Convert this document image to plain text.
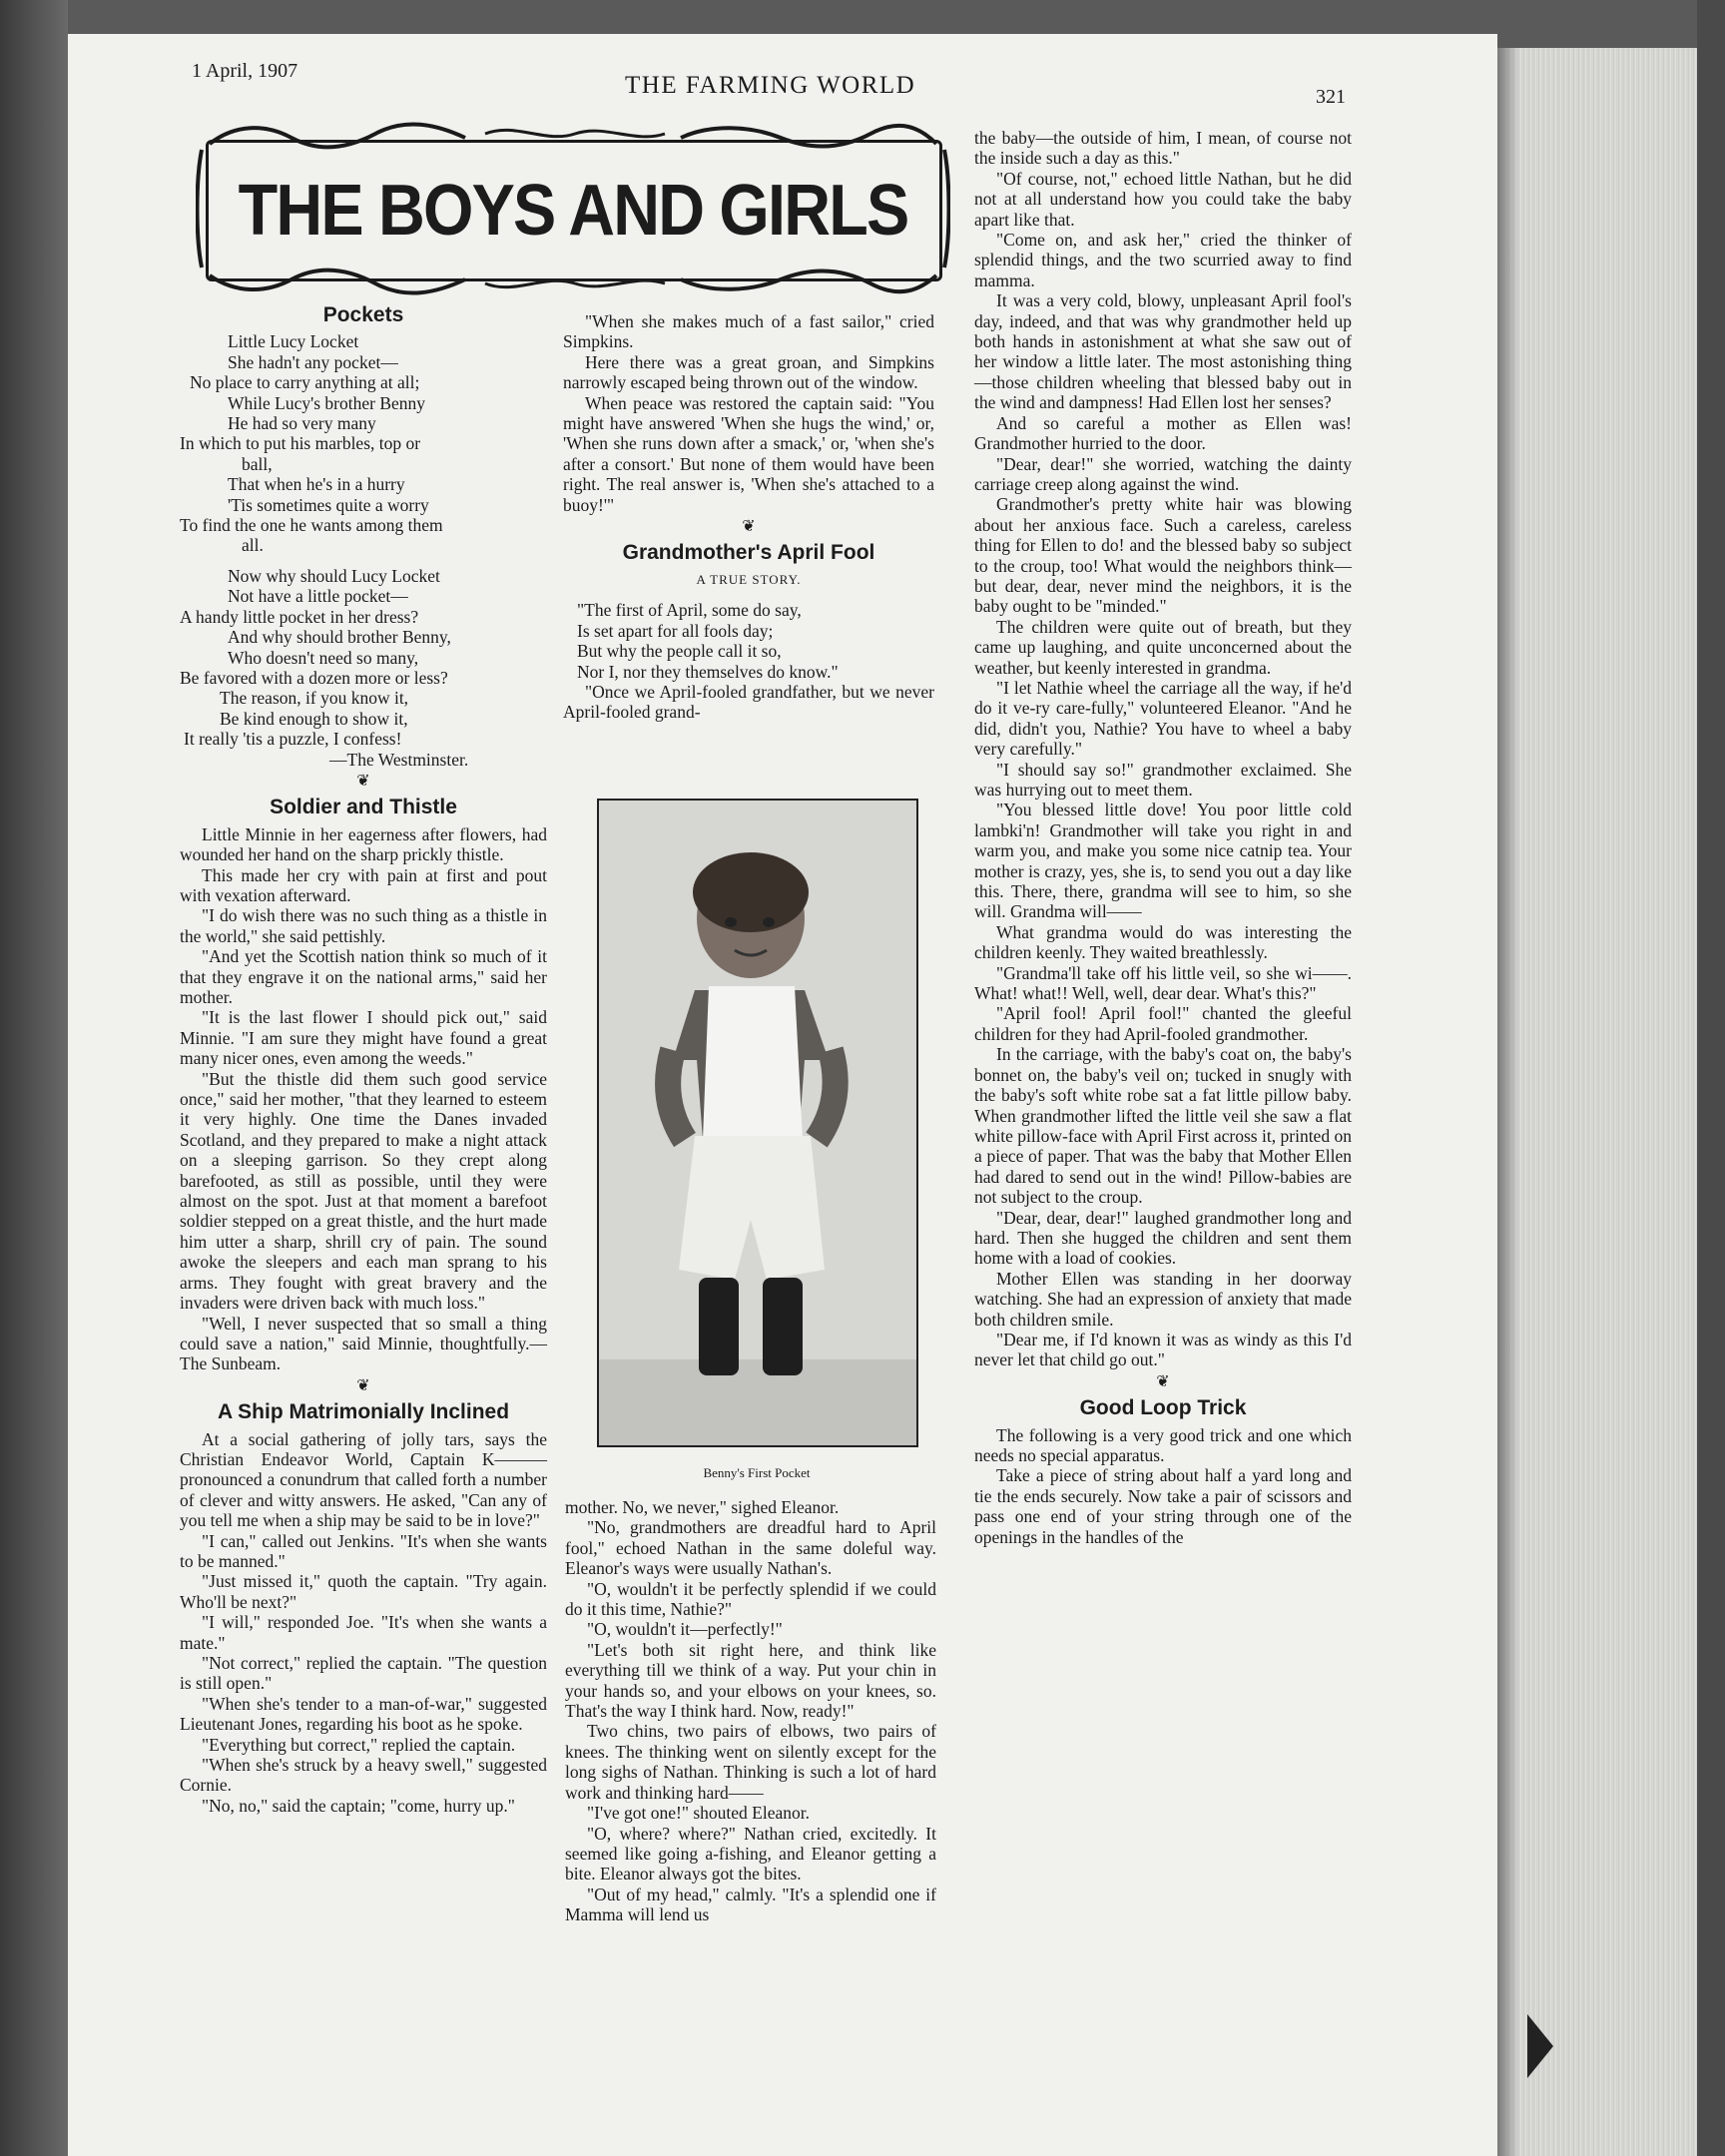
1 April, 1907
THE FARMING WORLD	321
THE BOYS AND GIRLS

Pockets

Little Lucy Locket

She hadn't any pocket—

No place to carry anything at all;

While Lucy's brother Benny

He had so very many

In which to put his marbles, top or

ball,

That when he's in a hurry

'Tis sometimes quite a worry

To find the one he wants among them

all.

Now why should Lucy Locket

Not have a little pocket—

A handy little pocket in her dress?

And why should brother Benny,

Who doesn't need so many,

Be favored with a dozen more or less?

The reason, if you know it,

Be kind enough to show it,

It really 'tis a puzzle, I confess!

—The Westminster.

❦

Soldier and Thistle

Little Minnie in her eagerness after flowers, had wounded her hand on the sharp prickly thistle.

This made her cry with pain at first and pout with vexation afterward.

"I do wish there was no such thing as a thistle in the world," she said pettishly.

"And yet the Scottish nation think so much of it that they engrave it on the national arms," said her mother.

"It is the last flower I should pick out," said Minnie. "I am sure they might have found a great many nicer ones, even among the weeds."

"But the thistle did them such good service once," said her mother, "that they learned to esteem it very highly. One time the Danes invaded Scotland, and they prepared to make a night attack on a sleeping garrison. So they crept along barefooted, as still as possible, until they were almost on the spot. Just at that moment a barefoot soldier stepped on a great thistle, and the hurt made him utter a sharp, shrill cry of pain. The sound awoke the sleepers and each man sprang to his arms. They fought with great bravery and the invaders were driven back with much loss."

"Well, I never suspected that so small a thing could save a nation," said Minnie, thoughtfully.—The Sunbeam.

❦

A Ship Matrimonially Inclined

At a social gathering of jolly tars, says the Christian Endeavor World, Captain K——— pronounced a conundrum that called forth a number of clever and witty answers. He asked, "Can any of you tell me when a ship may be said to be in love?"

"I can," called out Jenkins. "It's when she wants to be manned."

"Just missed it," quoth the captain. "Try again. Who'll be next?"

"I will," responded Joe. "It's when she wants a mate."

"Not correct," replied the captain. "The question is still open."

"When she's tender to a man-of-war," suggested Lieutenant Jones, regarding his boot as he spoke.

"Everything but correct," replied the captain.

"When she's struck by a heavy swell," suggested Cornie.

"No, no," said the captain; "come, hurry up."

"When she makes much of a fast sailor," cried Simpkins.

Here there was a great groan, and Simpkins narrowly escaped being thrown out of the window.

When peace was restored the captain said: "You might have answered 'When she hugs the wind,' or, 'When she runs down after a smack,' or, 'when she's after a consort.' But none of them would have been right. The real answer is, 'When she's attached to a buoy!'"

❦

Grandmother's April Fool

A TRUE STORY.

"The first of April, some do say,

Is set apart for all fools day;

But why the people call it so,

Nor I, nor they themselves do know."

"Once we April-fooled grandfather, but we never April-fooled grand-

Benny's First Pocket

mother. No, we never," sighed Eleanor.

"No, grandmothers are dreadful hard to April fool," echoed Nathan in the same doleful way. Eleanor's ways were usually Nathan's.

"O, wouldn't it be perfectly splendid if we could do it this time, Nathie?"

"O, wouldn't it—perfectly!"

"Let's both sit right here, and think like everything till we think of a way. Put your chin in your hands so, and your elbows on your knees, so. That's the way I think hard. Now, ready!"

Two chins, two pairs of elbows, two pairs of knees. The thinking went on silently except for the long sighs of Nathan. Thinking is such a lot of hard work and thinking hard——

"I've got one!" shouted Eleanor.

"O, where? where?" Nathan cried, excitedly. It seemed like going a-fishing, and Eleanor getting a bite. Eleanor always got the bites.

"Out of my head," calmly. "It's a splendid one if Mamma will lend us

the baby—the outside of him, I mean, of course not the inside such a day as this."

"Of course, not," echoed little Nathan, but he did not at all understand how you could take the baby apart like that.

"Come on, and ask her," cried the thinker of splendid things, and the two scurried away to find mamma.

It was a very cold, blowy, unpleasant April fool's day, indeed, and that was why grandmother held up both hands in astonishment at what she saw out of her window a little later. The most astonishing thing—those children wheeling that blessed baby out in the wind and dampness! Had Ellen lost her senses?

And so careful a mother as Ellen was! Grandmother hurried to the door.

"Dear, dear!" she worried, watching the dainty carriage creep along against the wind.

Grandmother's pretty white hair was blowing about her anxious face. Such a careless, careless thing for Ellen to do! and the blessed baby so subject to the croup, too! What would the neighbors think—but dear, dear, never mind the neighbors, it is the baby ought to be "minded."

The children were quite out of breath, but they came up laughing, and quite unconcerned about the weather, but keenly interested in grandma.

"I let Nathie wheel the carriage all the way, if he'd do it ve-ry care-fully," volunteered Eleanor. "And he did, didn't you, Nathie? You have to wheel a baby very carefully."

"I should say so!" grandmother exclaimed. She was hurrying out to meet them.

"You blessed little dove! You poor little cold lambki'n! Grandmother will take you right in and warm you, and make you some nice catnip tea. Your mother is crazy, yes, she is, to send you out a day like this. There, there, grandma will see to him, so she will. Grandma will——

What grandma would do was interesting the children keenly. They waited breathlessly.

"Grandma'll take off his little veil, so she wi——. What! what!! Well, well, dear dear. What's this?"

"April fool! April fool!" chanted the gleeful children for they had April-fooled grandmother.

In the carriage, with the baby's coat on, the baby's bonnet on, the baby's veil on; tucked in snugly with the baby's soft white robe sat a fat little pillow baby. When grandmother lifted the little veil she saw a flat white pillow-face with April First across it, printed on a piece of paper. That was the baby that Mother Ellen had dared to send out in the wind! Pillow-babies are not subject to the croup.

"Dear, dear, dear!" laughed grandmother long and hard. Then she hugged the children and sent them home with a load of cookies.

Mother Ellen was standing in her doorway watching. She had an expression of anxiety that made both children smile.

"Dear me, if I'd known it was as windy as this I'd never let that child go out."

❦

Good Loop Trick

The following is a very good trick and one which needs no special apparatus.

Take a piece of string about half a yard long and tie the ends securely. Now take a pair of scissors and pass one end of your string through one of the openings in the handles of the
